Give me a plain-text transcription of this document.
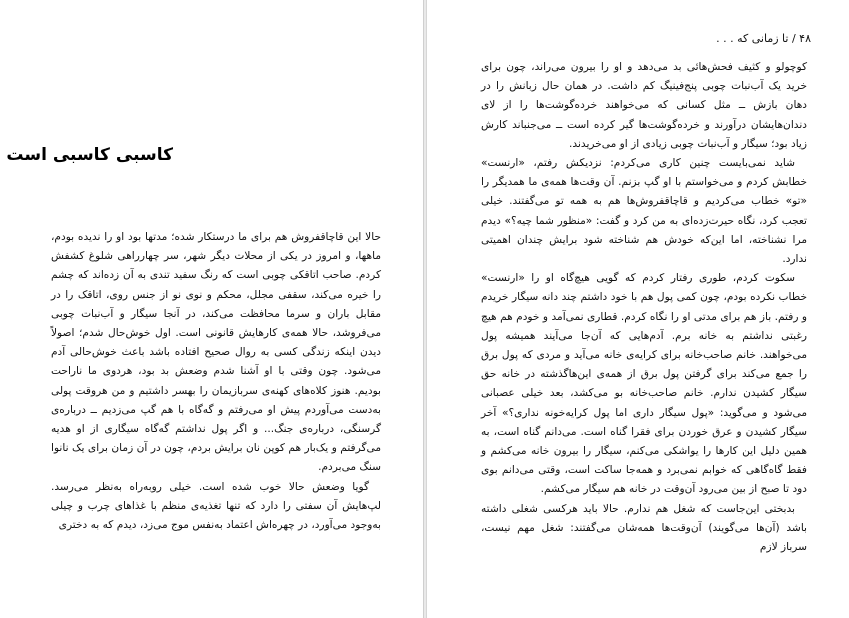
کاسبی کاسبی است

حالا این قاچاقفروش هم برای ما درستکار شده؛ مدتها بود او را ندیده بودم، ماهها، و امروز در یکی از محلات دیگر شهر، سر چهارراهی شلوغ کشفش کردم. صاحب اتاقکی چوبی است که رنگ سفید تندی به آن زده‌اند که چشم را خیره می‌کند، سقفی مجلل، محکم و نوی نو از جنس روی، اتاقک را در مقابل باران و سرما محافظت می‌کند، در آنجا سیگار و آب‌نبات چوبی می‌فروشد، حالا همه‌ی کارهایش قانونی است. اول خوش‌حال شدم؛ اصولاً دیدن اینکه زندگی کسی به روال صحیح افتاده باشد باعث خوش‌حالی آدم می‌شود. چون وقتی با او آشنا شدم وضعش بد بود، هردوی ما ناراحت بودیم. هنوز کلاه‌های کهنه‌ی سربازیمان را بهسر داشتیم و من هروقت پولی به‌دست می‌آوردم پیش او می‌رفتم و گه‌گاه با هم گپ می‌زدیم ــ درباره‌ی گرسنگی، درباره‌ی جنگ... و اگر پول نداشتم گه‌گاه سیگاری از او هدیه می‌گرفتم و یک‌بار هم کوپن نان برایش بردم، چون در آن زمان برای یک نانوا سنگ می‌بردم.

گویا وضعش حالا خوب شده است. خیلی روبه‌راه به‌نظر می‌رسد. لپ‌هایش آن سفتی را دارد که تنها تغذیه‌ی منظم با غذاهای چرب و چیلی به‌وجود می‌آورد، در چهره‌اش اعتماد به‌نفس موج می‌زد، دیدم که به دختری

۴۸ / تا زمانی که . . .

کوچولو و کثیف فحش‌هائی بد می‌دهد و او را بیرون می‌راند، چون برای خرید یک آب‌نبات چوبی پنج‌فینیگ کم داشت. در همان حال زبانش را در دهان بازش ــ مثل کسانی که می‌خواهند خرده‌گوشت‌ها را از لای دندان‌هایشان درآورند و خرده‌گوشت‌ها گیر کرده است ــ می‌جنباند کارش زیاد بود؛ سیگار و آب‌نبات چوبی زیادی از او می‌خریدند.

شاید نمی‌بایست چنین کاری می‌کردم: نزدیکش رفتم، «ارنست» خطابش کردم و می‌خواستم با او گپ بزنم. آن وقت‌ها همه‌ی ما همدیگر را «تو» خطاب می‌کردیم و قاچاقفروش‌ها هم به همه تو می‌گفتند. خیلی تعجب کرد، نگاه حیرت‌زده‌ای به من کرد و گفت: «منظور شما چیه؟» دیدم مرا نشناخته، اما این‌که خودش هم شناخته شود برایش چندان اهمیتی ندارد.

سکوت کردم، طوری رفتار کردم که گویی هیچ‌گاه او را «ارنست» خطاب نکرده بودم، چون کمی پول هم با خود داشتم چند دانه سیگار خریدم و رفتم. باز هم برای مدتی او را نگاه کردم. قطاری نمی‌آمد و خودم هم هیچ رغبتی نداشتم به خانه برم. آدم‌هایی که آن‌جا می‌آیند همیشه پول می‌خواهند. خانم صاحب‌خانه برای کرایه‌ی خانه می‌آید و مردی که پول برق را جمع می‌کند برای گرفتن پول برق از همه‌ی این‌هاگذشته در خانه حق سیگار کشیدن ندارم. خانم صاحب‌خانه بو می‌کشد، بعد خیلی عصبانی می‌شود و می‌گوید: «پول سیگار داری اما پول کرایه‌خونه نداری؟» آخر سیگار کشیدن و عرق خوردن برای فقرا گناه است. می‌دانم گناه است، به همین دلیل این کارها را یواشکی می‌کنم، سیگار را بیرون خانه می‌کشم و فقط گاه‌گاهی که خوابم نمی‌برد و همه‌جا ساکت است، وقتی می‌دانم بوی دود تا صبح از بین می‌رود آن‌وقت در خانه هم سیگار می‌کشم.

بدبختی این‌جاست که شغل هم ندارم. حالا باید هرکسی شغلی داشته باشد (آن‌ها می‌گویند) آن‌وقت‌ها همه‌شان می‌گفتند: شغل مهم نیست، سرباز لازم
